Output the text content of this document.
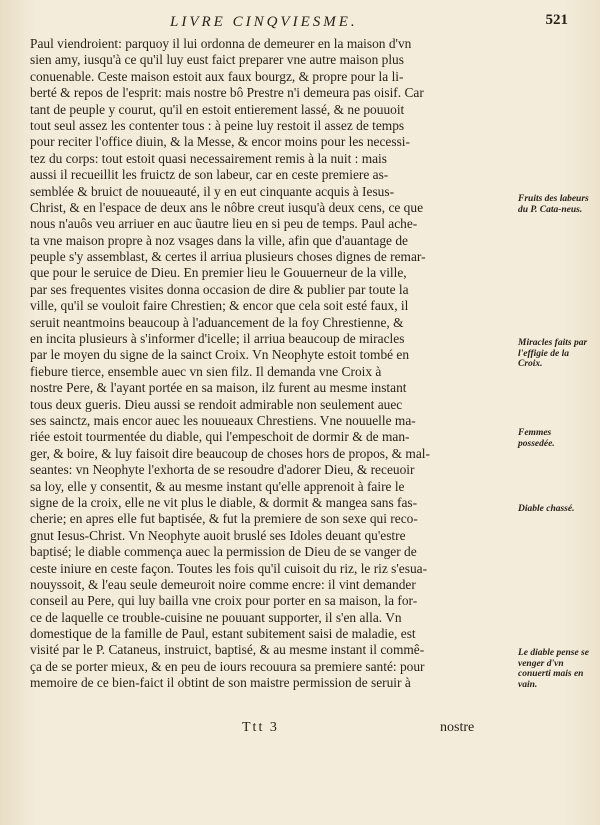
LIVRE CINQVIESME.	521
Paul viendroient: parquoy il lui ordonna de demeurer en la maison d'vn
sien amy, iusqu'à ce qu'il luy eust faict preparer vne autre maison plus
conuenable. Ceste maison estoit aux faux bourgz, & propre pour la li-
berté & repos de l'esprit: mais nostre bô Prestre n'i demeura pas oisif. Car
tant de peuple y courut, qu'il en estoit entierement lassé, & ne pouuoit
tout seul assez les contenter tous : à peine luy restoit il assez de temps
pour reciter l'office diuin, & la Messe, & encor moins pour les necessi-
tez du corps: tout estoit quasi necessairement remis à la nuit : mais
aussi il recueillit les fruictz de son labeur, car en ceste premiere as-
semblée & bruict de nouueauté, il y en eut cinquante acquis à Iesus-
Christ, & en l'espace de deux ans le nôbre creut iusqu'à deux cens, ce que
nous n'auôs veu arriuer en auc ũautre lieu en si peu de temps. Paul ache-
ta vne maison propre à noz vsages dans la ville, afin que d'auantage de
peuple s'y assemblast, & certes il arriua plusieurs choses dignes de remar-
que pour le seruice de Dieu. En premier lieu le Gouuerneur de la ville,
par ses frequentes visites donna occasion de dire & publier par toute la
ville, qu'il se vouloit faire Chrestien; & encor que cela soit esté faux, il
seruit neantmoins beaucoup à l'aduancement de la foy Chrestienne, &
en incita plusieurs à s'informer d'icelle; il arriua beaucoup de miracles
par le moyen du signe de la sainct Croix. Vn Neophyte estoit tombé en
fiebure tierce, ensemble auec vn sien filz. Il demanda vne Croix à
nostre Pere, & l'ayant portée en sa maison, ilz furent au mesme instant
tous deux gueris. Dieu aussi se rendoit admirable non seulement auec
ses sainctz, mais encor auec les nouueaux Chrestiens. Vne nouuelle ma-
riée estoit tourmentée du diable, qui l'empeschoit de dormir & de man-
ger, & boire, & luy faisoit dire beaucoup de choses hors de propos, & mal-
seantes: vn Neophyte l'exhorta de se resoudre d'adorer Dieu, & receuoir
sa loy, elle y consentit, & au mesme instant qu'elle apprenoit à faire le
signe de la croix, elle ne vit plus le diable, & dormit & mangea sans fas-
cherie; en apres elle fut baptisée, & fut la premiere de son sexe qui reco-
gnut Iesus-Christ. Vn Neophyte auoit bruslé ses Idoles deuant qu'estre
baptisé; le diable commença auec la permission de Dieu de se vanger de
ceste iniure en ceste façon. Toutes les fois qu'il cuisoit du riz, le riz s'esua-
nouyssoit, & l'eau seule demeuroit noire comme encre: il vint demander
conseil au Pere, qui luy bailla vne croix pour porter en sa maison, la for-
ce de laquelle ce trouble-cuisine ne pouuant supporter, il s'en alla. Vn
domestique de la famille de Paul, estant subitement saisi de maladie, est
visité par le P. Cataneus, instruict, baptisé, & au mesme instant il commê-
ça de se porter mieux, & en peu de iours recouura sa premiere santé: pour
memoire de ce bien-faict il obtint de son maistre permission de seruir à
Fruits des labeurs du P. Cata-neus.
Miracles faits par l'effigie de la Croix.
Femmes possedée.
Diable chassé.
Le diable pense se venger d'vn conuerti mais en vain.
Ttt 3	nostre
